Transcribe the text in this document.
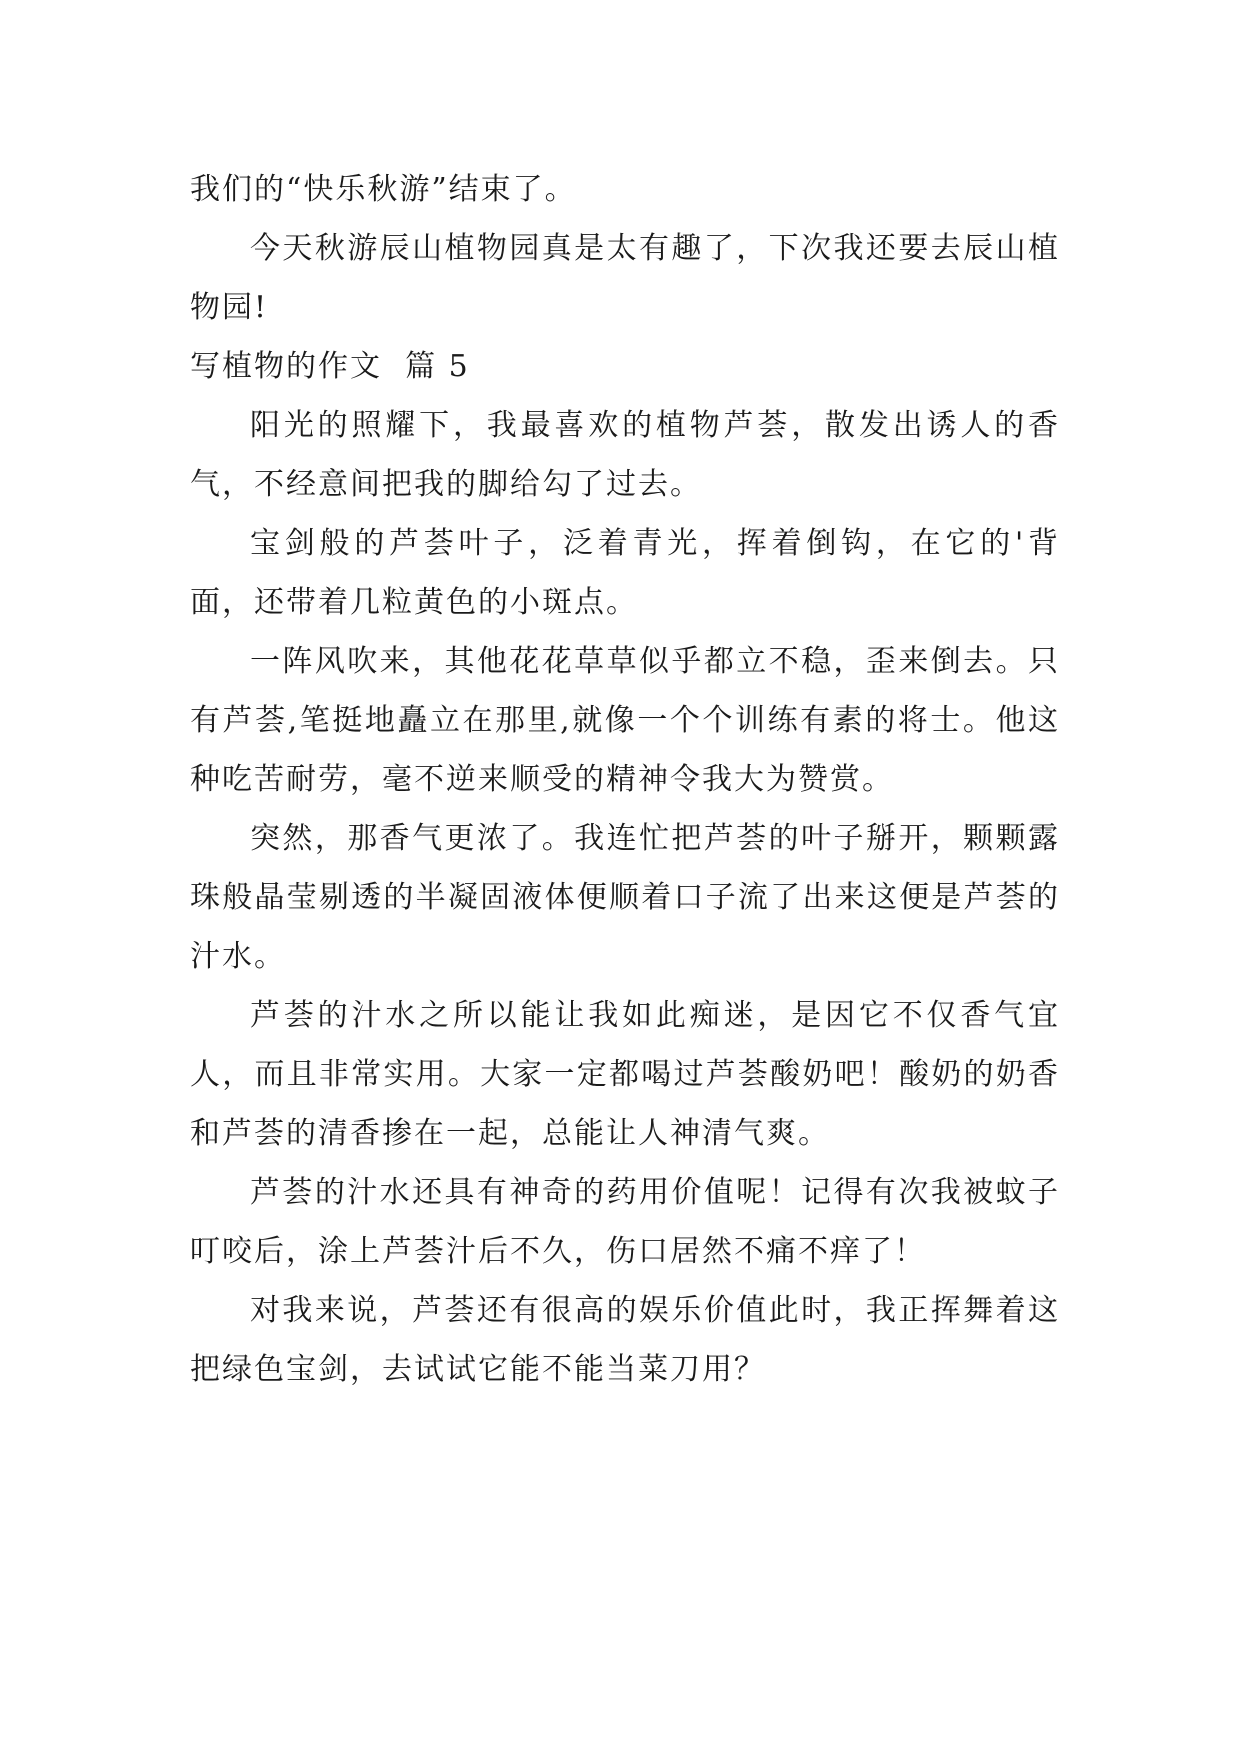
我们的“快乐秋游”结束了。

今天秋游辰山植物园真是太有趣了，下次我还要去辰山植物园!

写植物的作文  篇 5

阳光的照耀下，我最喜欢的植物芦荟，散发出诱人的香气，不经意间把我的脚给勾了过去。

宝剑般的芦荟叶子，泛着青光，挥着倒钩，在它的'背面，还带着几粒黄色的小斑点。

一阵风吹来，其他花花草草似乎都立不稳，歪来倒去。只有芦荟,笔挺地矗立在那里,就像一个个训练有素的将士。他这种吃苦耐劳，毫不逆来顺受的精神令我大为赞赏。

突然，那香气更浓了。我连忙把芦荟的叶子掰开，颗颗露珠般晶莹剔透的半凝固液体便顺着口子流了出来这便是芦荟的汁水。

芦荟的汁水之所以能让我如此痴迷，是因它不仅香气宜人，而且非常实用。大家一定都喝过芦荟酸奶吧！酸奶的奶香和芦荟的清香掺在一起，总能让人神清气爽。

芦荟的汁水还具有神奇的药用价值呢！记得有次我被蚊子叮咬后，涂上芦荟汁后不久，伤口居然不痛不痒了！

对我来说，芦荟还有很高的娱乐价值此时，我正挥舞着这把绿色宝剑，去试试它能不能当菜刀用？
